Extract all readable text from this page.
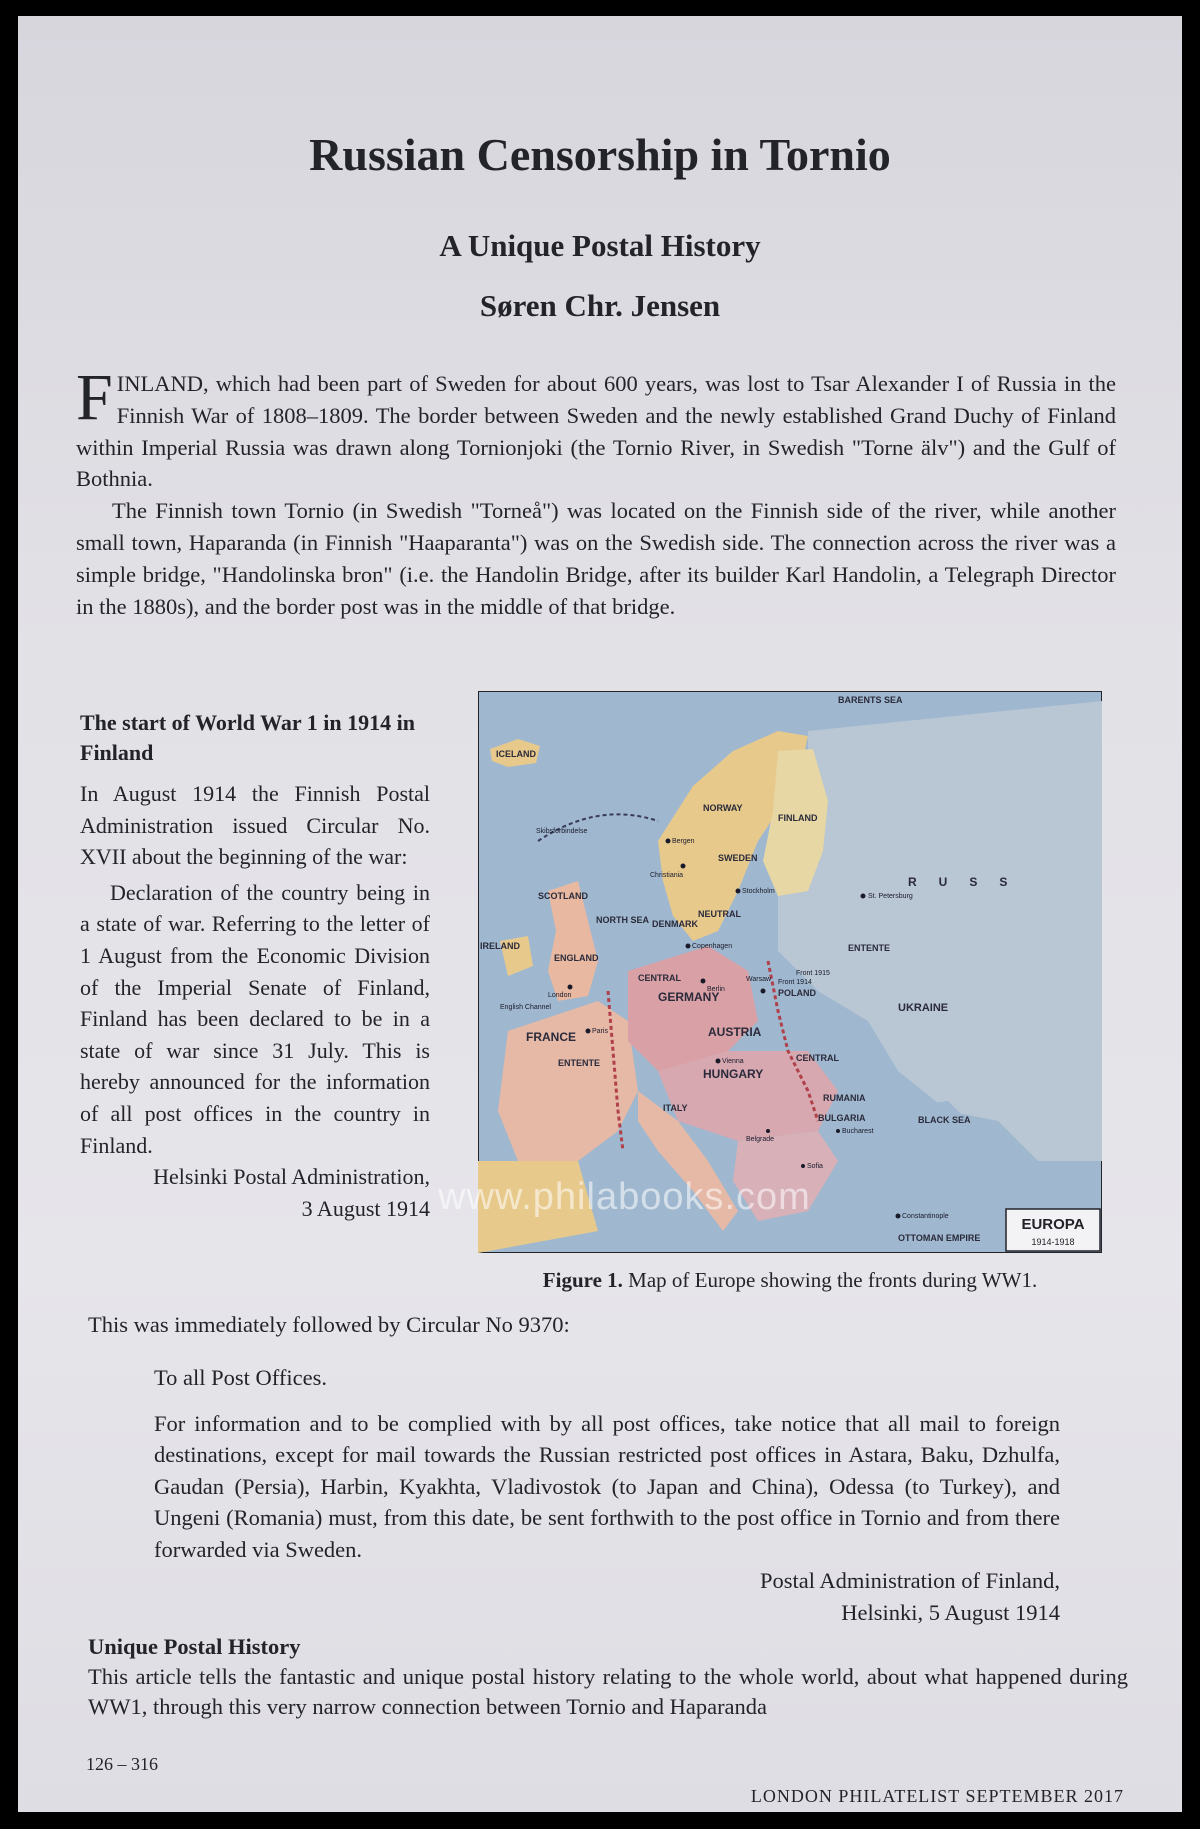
Russian Censorship in Tornio
A Unique Postal History
Søren Chr. Jensen

FINLAND, which had been part of Sweden for about 600 years, was lost to Tsar Alexander I of Russia in the Finnish War of 1808–1809. The border between Sweden and the newly established Grand Duchy of Finland within Imperial Russia was drawn along Tornionjoki (the Tornio River, in Swedish "Torne älv") and the Gulf of Bothnia.

The Finnish town Tornio (in Swedish "Torneå") was located on the Finnish side of the river, while another small town, Haparanda (in Finnish "Haaparanta") was on the Swedish side. The connection across the river was a simple bridge, "Handolinska bron" (i.e. the Handolin Bridge, after its builder Karl Handolin, a Telegraph Director in the 1880s), and the border post was in the middle of that bridge.

The start of World War 1 in 1914 in Finland

In August 1914 the Finnish Postal Administration issued Circular No. XVII about the beginning of the war:

Declaration of the country being in a state of war. Referring to the letter of 1 August from the Economic Division of the Imperial Senate of Finland, Finland has been declared to be in a state of war since 31 July. This is hereby announced for the information of all post offices in the country in Finland.
Helsinki Postal Administration,
3 August 1914
BARENTS SEA
ICELAND
NORWAY
SWEDEN
FINLAND
SCOTLAND
IRELAND
ENGLAND
NORTH SEA DENMARK
NEUTRAL
FRANCE
GERMANY
AUSTRIA
HUNGARY
POLAND
RUSS
UKRAINE
ENTENTE
ENTENTE
CENTRAL
CENTRAL
BLACK SEA
RUMANIA
BULGARIA
ITALY
OTTOMAN EMPIRE
St. Petersburg
Vienna
Copenhagen
London
Paris
Berlin
Warsaw
Bergen
Christiania
Stockholm
Constantinople
Front 1914
Front 1915
Skibsforbindelse
English Channel
Belgrade
Sofia
Bucharest
EUROPA
1914-1918
Figure 1. Map of Europe showing the fronts during WW1.

This was immediately followed by Circular No 9370:

To all Post Offices.

For information and to be complied with by all post offices, take notice that all mail to foreign destinations, except for mail towards the Russian restricted post offices in Astara, Baku, Dzhulfa, Gaudan (Persia), Harbin, Kyakhta, Vladivostok (to Japan and China), Odessa (to Turkey), and Ungeni (Romania) must, from this date, be sent forthwith to the post office in Tornio and from there forwarded via Sweden.

Postal Administration of Finland,

Helsinki, 5 August 1914

Unique Postal History

This article tells the fantastic and unique postal history relating to the whole world, about what happened during WW1, through this very narrow connection between Tornio and Haparanda

126 – 316
LONDON PHILATELIST SEPTEMBER 2017
www.philabooks.com
